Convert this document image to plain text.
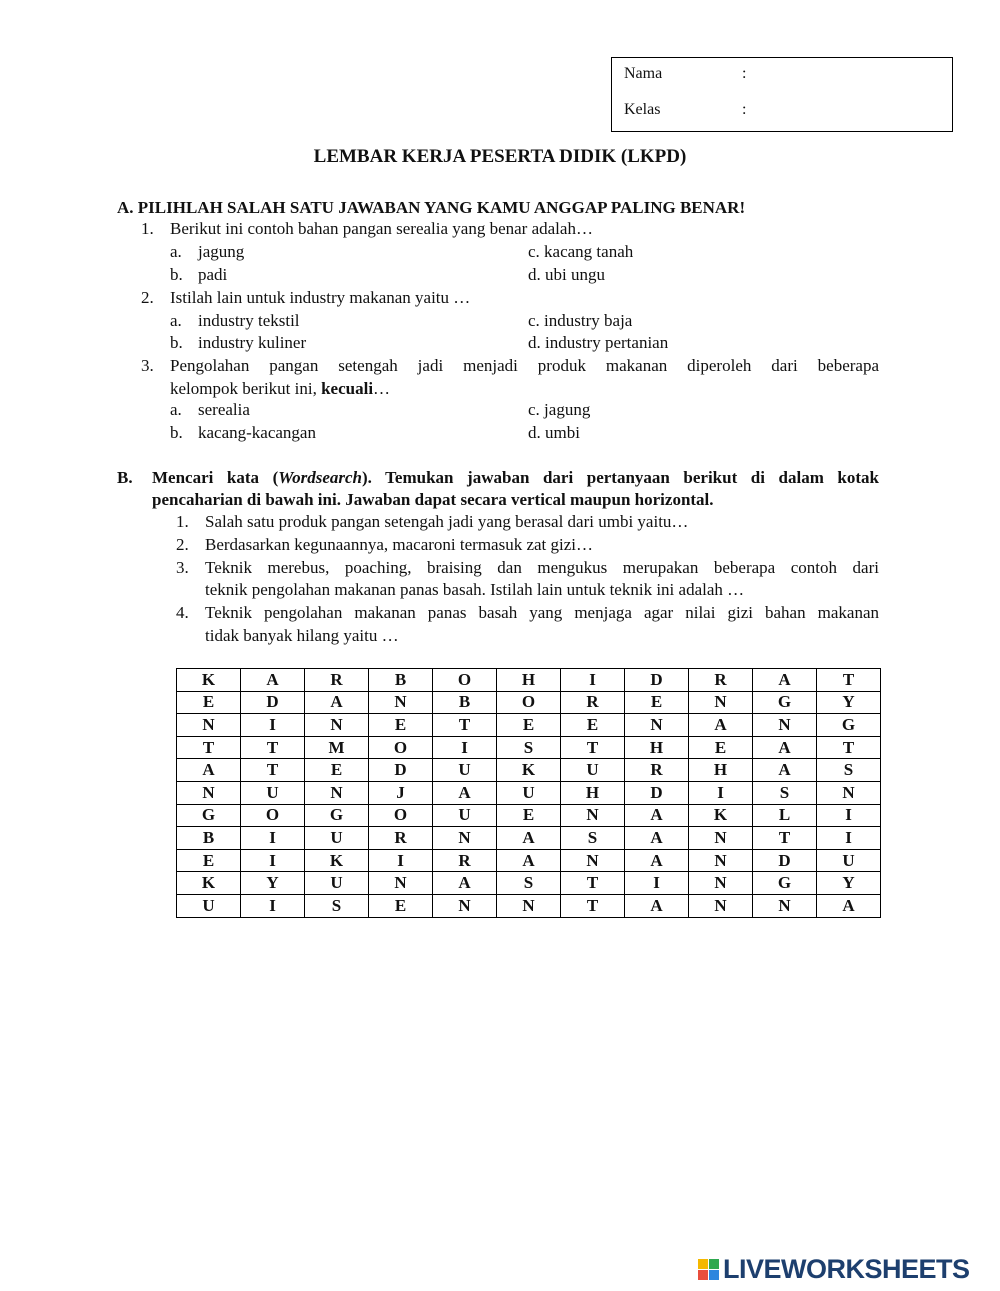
Nama	:
Kelas	:
LEMBAR KERJA PESERTA DIDIK (LKPD)
A. PILIHLAH SALAH SATU JAWABAN YANG KAMU ANGGAP PALING BENAR!
1. Berikut ini contoh bahan pangan serealia yang benar adalah…
a. jagung
b. padi
c. kacang tanah
d. ubi ungu
2. Istilah lain untuk industry makanan yaitu …
a. industry tekstil
b. industry kuliner
c. industry baja
d. industry pertanian
3. Pengolahan pangan setengah jadi menjadi produk makanan diperoleh dari beberapa
kelompok berikut ini, kecuali…
a. serealia
b. kacang-kacangan
c. jagung
d. umbi
B. Mencari kata (Wordsearch). Temukan jawaban dari pertanyaan berikut di dalam kotak
pencaharian di bawah ini. Jawaban dapat secara vertical maupun horizontal.
1. Salah satu produk pangan setengah jadi yang berasal dari umbi yaitu…
2. Berdasarkan kegunaannya, macaroni termasuk zat gizi…
3. Teknik merebus, poaching, braising dan mengukus merupakan beberapa contoh dari
teknik pengolahan makanan panas basah. Istilah lain untuk teknik ini adalah …
4. Teknik pengolahan makanan panas basah yang menjaga agar nilai gizi bahan makanan
tidak banyak hilang yaitu …
K	A	R	B	O	H	I	D	R	A	T
E	D	A	N	B	O	R	E	N	G	Y
N	I	N	E	T	E	E	N	A	N	G
T	T	M	O	I	S	T	H	E	A	T
A	T	E	D	U	K	U	R	H	A	S
N	U	N	J	A	U	H	D	I	S	N
G	O	G	O	U	E	N	A	K	L	I
B	I	U	R	N	A	S	A	N	T	I
E	I	K	I	R	A	N	A	N	D	U
K	Y	U	N	A	S	T	I	N	G	Y
U	I	S	E	N	N	T	A	N	N	A
LIVEWORKSHEETS
